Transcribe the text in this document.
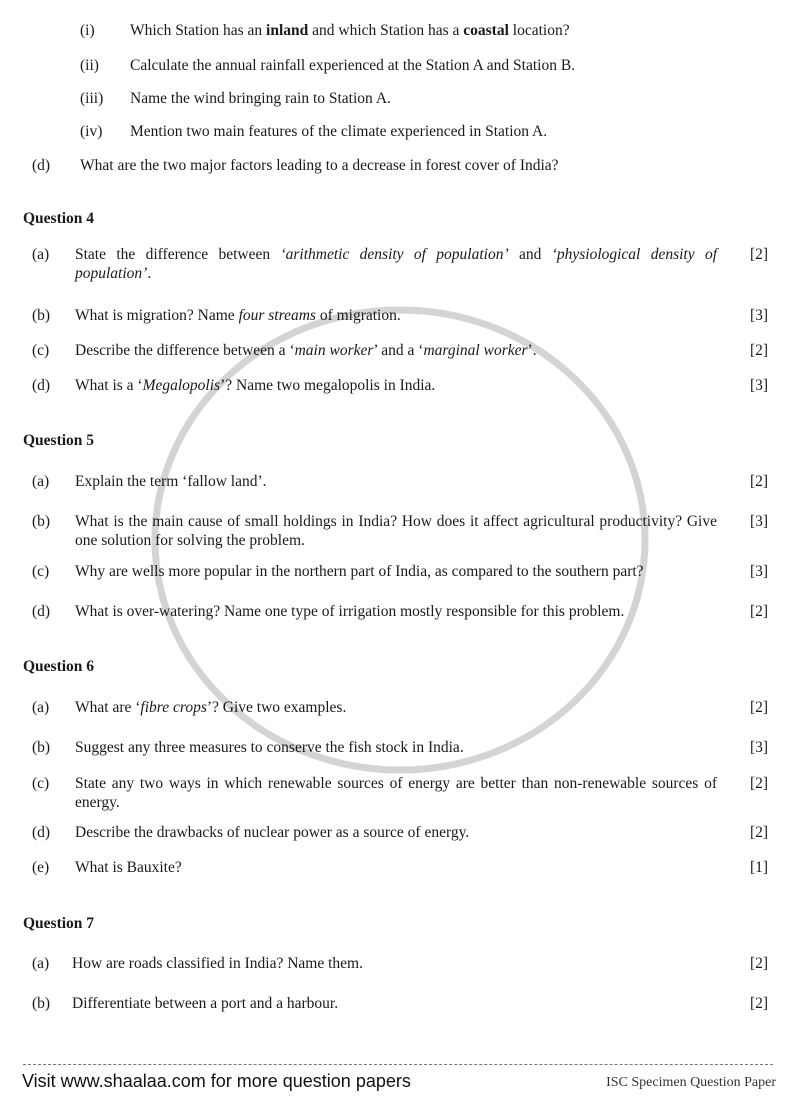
(i) Which Station has an inland and which Station has a coastal location?
(ii) Calculate the annual rainfall experienced at the Station A and Station B.
(iii) Name the wind bringing rain to Station A.
(iv) Mention two main features of the climate experienced in Station A.
(d) What are the two major factors leading to a decrease in forest cover of India?
Question 4
(a) State the difference between ‘arithmetic density of population’ and ‘physiological density of population’.
[2]
(b) What is migration? Name four streams of migration.	[3]
(c) Describe the difference between a ‘main worker’ and a ‘marginal worker’.	[2]
(d) What is a ‘Megalopolis’? Name two megalopolis in India.	[3]
Question 5
(a) Explain the term ‘fallow land’.	[2]
(b) What is the main cause of small holdings in India? How does it affect agricultural productivity? Give one solution for solving the problem.
[3]
(c) Why are wells more popular in the northern part of India, as compared to the southern part?	[3]
(d) What is over-watering? Name one type of irrigation mostly responsible for this problem.	[2]
Question 6
(a) What are ‘fibre crops’? Give two examples.	[2]
(b) Suggest any three measures to conserve the fish stock in India.	[3]
(c) State any two ways in which renewable sources of energy are better than non-renewable sources of energy.
[2]
(d) Describe the drawbacks of nuclear power as a source of energy.	[2]
(e) What is Bauxite?	[1]
Question 7
(a) How are roads classified in India? Name them.	[2]
(b) Differentiate between a port and a harbour.	[2]
Visit www.shaalaa.com for more question papers	ISC Specimen Question Paper
